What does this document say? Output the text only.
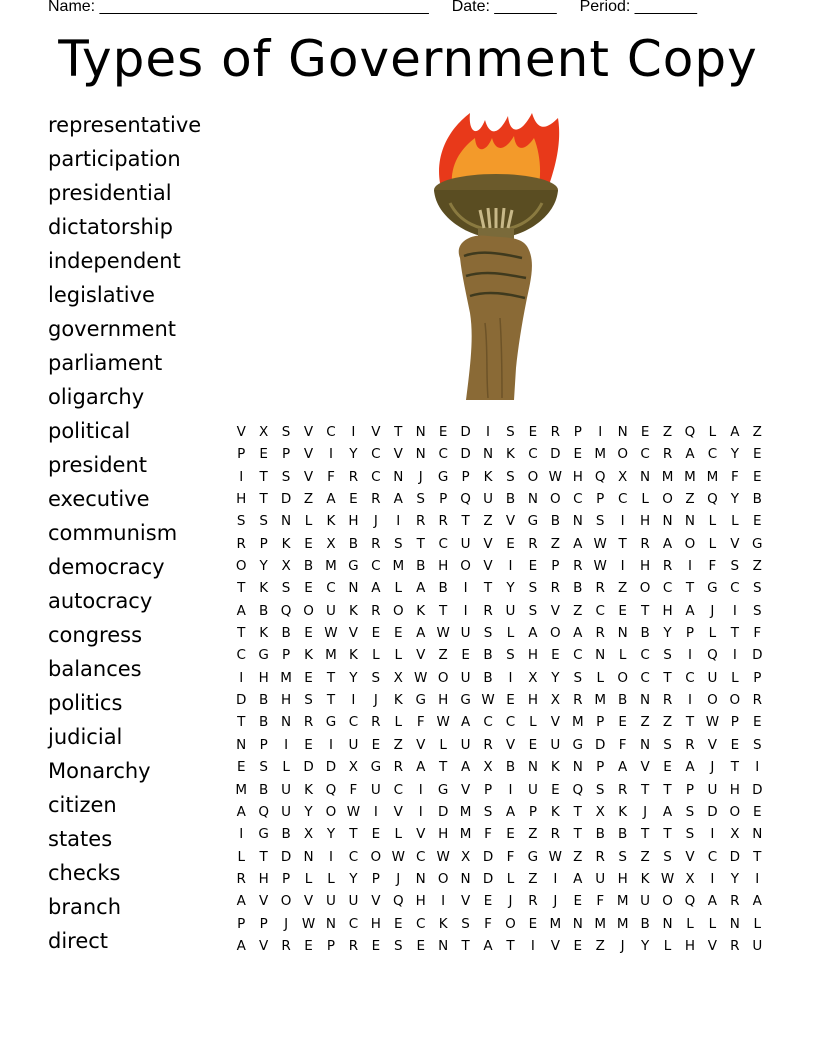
Name: _____________________________________ Date: _______ Period: _______
Types of Government Copy
representative
participation
presidential
dictatorship
independent
legislative
government
parliament
oligarchy
political
president
executive
communism
democracy
autocracy
congress
balances
politics
judicial
Monarchy
citizen
states
checks
branch
direct
V X	S	V C	I	V	T N E D	I	S	E R	P	I	N E	Z Q L	A Z
P	E	P	V	I	Y	C V N C D N K C D E M O C R A C	Y	E
I	T	S	V	F	R C N	J	G P	K	S O W H Q X N M M M F	E
H T D Z A	E R A	S	P Q U B N O C	P	C	L O Z Q Y	B
S	S N	L	K H	J	I	R R	T	Z V G B N S	I	H N N	L	L	E
R	P	K	E	X B R S	T	C U V	E R Z A W T	R A O L	V G
O Y	X B M G C M B H O V	I	E	P	R W	I	H R	I	F	S	Z
T	K	S	E C N A	L	A B	I	T	Y	S R B R Z O C	T G C S
A B Q O U K R O K	T	I	R U S	V Z C E	T H A	J	I	S
T	K B	E W V	E	E	A W U S	L	A O A R N B	Y	P	L	T	F
C G P	K M K	L	L	V Z	E	B	S H E C N	L	C S	I	Q	I	D
I	H M E	T	Y	S	X W O U B	I	X	Y	S	L O C	T	C U	L	P
D B H S	T	I	J	K G H G W E H X R M B N R	I	O O R
T	B N R G C R	L	F W A C C	L	V M P	E	Z Z	T W P	E
N P	I	E	I	U E	Z V	L	U R V	E U G D F	N S R V	E	S
E	S	L D D X G R A	T	A X B N K N P	A V	E	A	J	T	I
M B U K Q F	U C	I	G V	P	I	U E Q S R	T	T	P U H D
A Q U Y O W	I	V	I	D M S	A	P	K	T	X K	J	A	S D O E
I	G B X	Y	T	E	L	V H M F	E	Z R	T	B B	T	T	S	I	X N
L	T D N	I	C O W C W X D F G W Z R S	Z	S	V C D T
R H P	L	L	Y	P	J	N O N D L	Z	I	A U H K W X	I	Y	I
A V O V U U V Q H	I	V	E	J	R	J	E	F M U O Q A R A
P	P	J	W N C H E C K	S	F O E M N M M B N	L	L	N	L
A V R E	P	R E	S	E N T	A	T	I	V	E	Z	J	Y	L	H V R U
